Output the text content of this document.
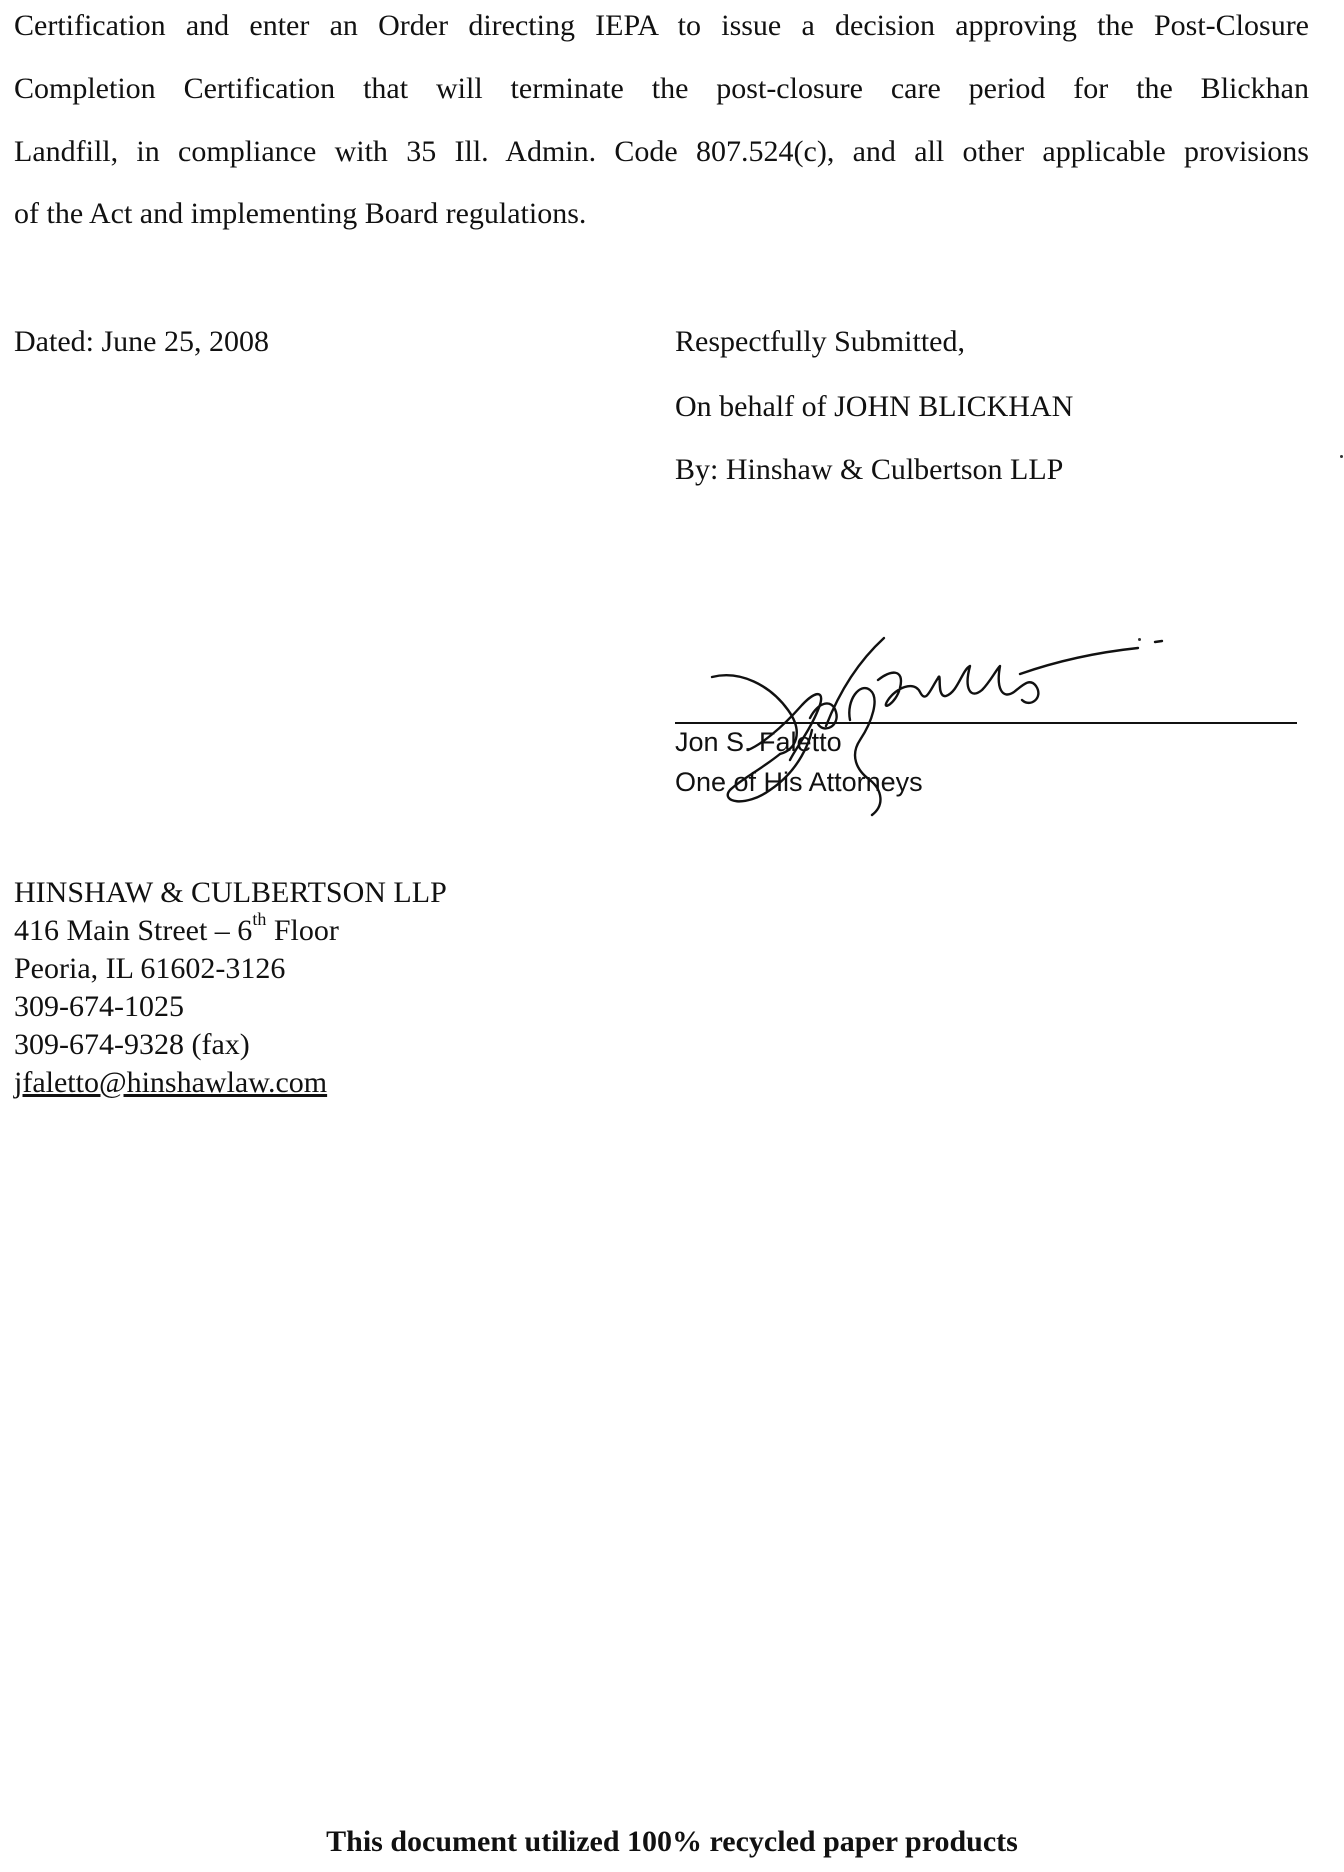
Certification and enter an Order directing IEPA to issue a decision approving the Post-Closure
Completion Certification that will terminate the post-closure care period for the Blickhan
Landfill, in compliance with 35 Ill. Admin. Code 807.524(c), and all other applicable provisions
of the Act and implementing Board regulations.
Dated: June 25, 2008	Respectfully Submitted,
On behalf of JOHN BLICKHAN
By: Hinshaw & Culbertson LLP
Jon S. Faletto
One of His Attorneys
HINSHAW & CULBERTSON LLP
416 Main Street – 6th Floor
Peoria, IL 61602-3126
309-674-1025
309-674-9328 (fax)
jfaletto@hinshawlaw.com
This document utilized 100% recycled paper products
